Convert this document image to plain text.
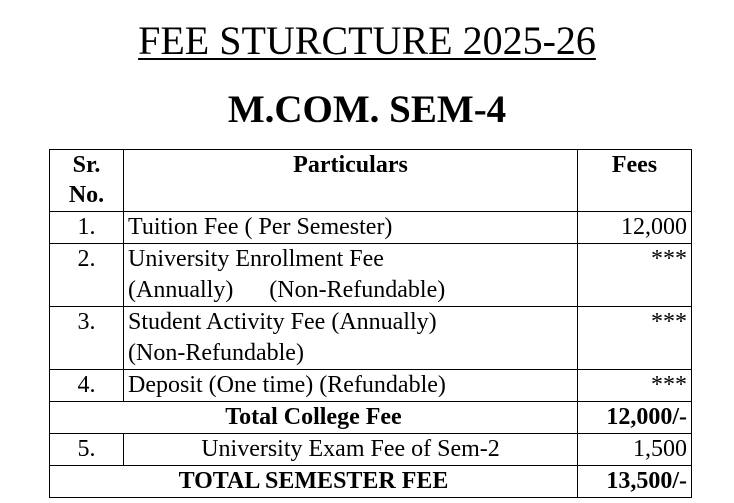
FEE STURCTURE 2025-26
M.COM. SEM-4
Sr.
No.	Particulars	Fees
1.	Tuition Fee ( Per Semester)	12,000
2.	University Enrollment Fee
(Annually)      (Non-Refundable)	***
3.	Student Activity Fee (Annually)
(Non-Refundable)	***
4.	Deposit (One time) (Refundable)	***
Total College Fee		12,000/-
5.	University Exam Fee of Sem-2	1,500
TOTAL SEMESTER FEE		13,500/-
